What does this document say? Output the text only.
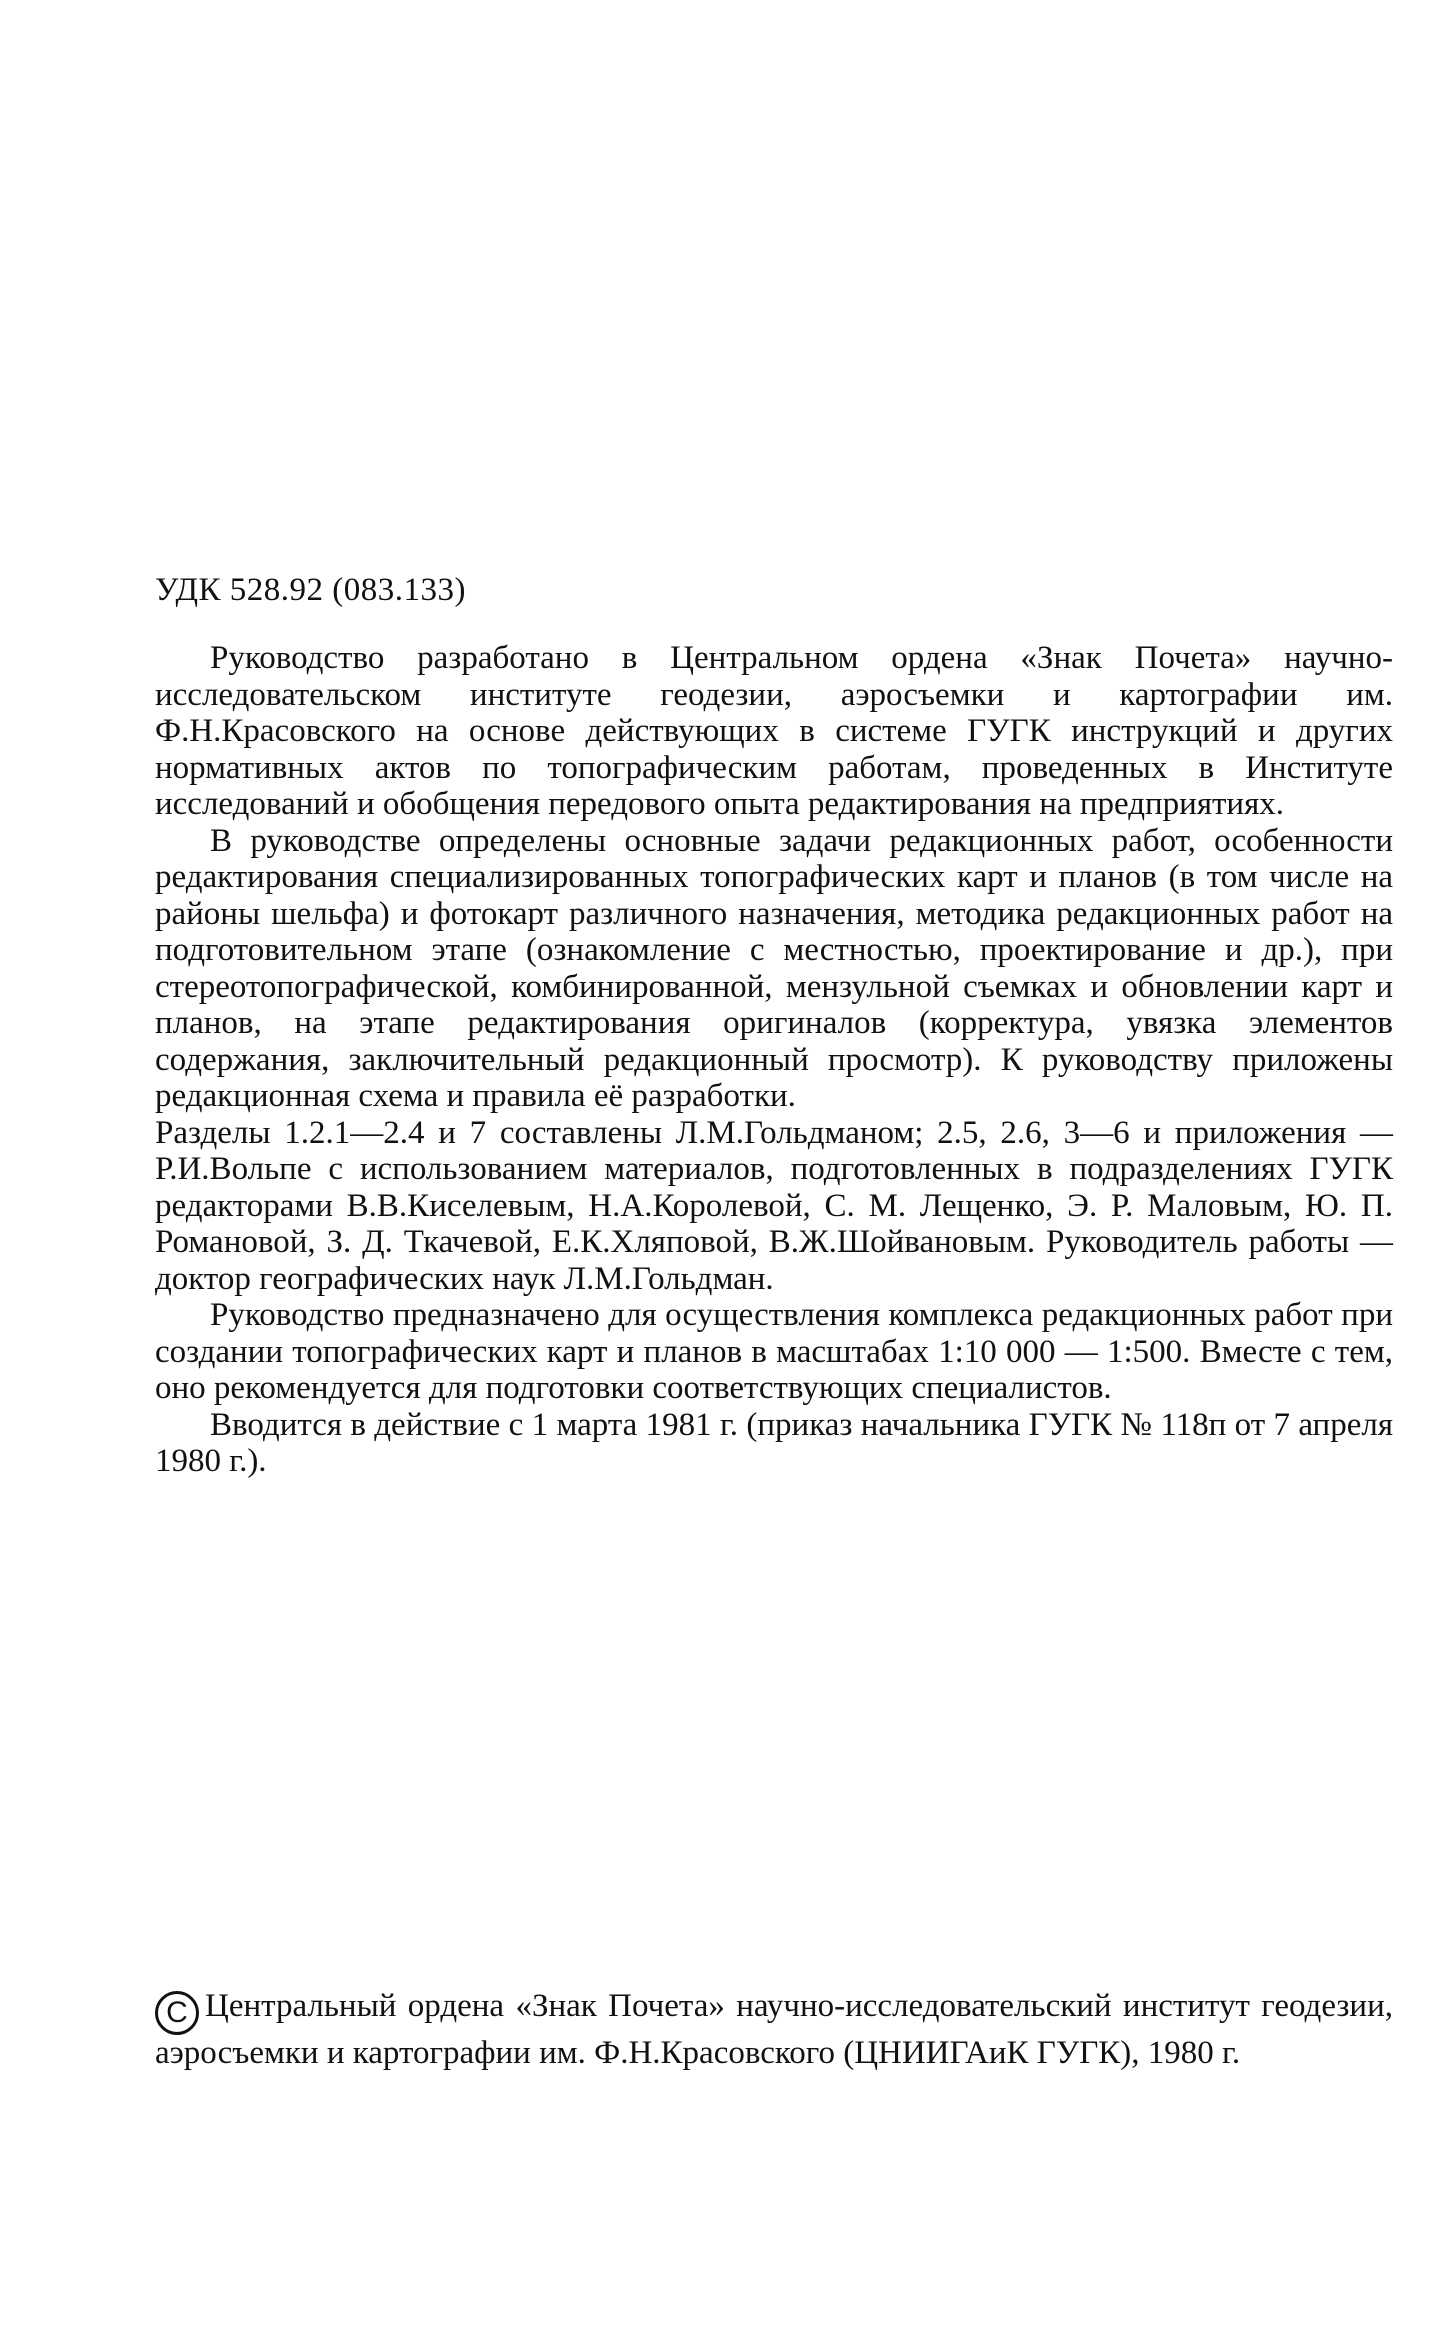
УДК 528.92 (083.133)

Руководство разработано в Центральном ордена «Знак Почета» научно-исследовательском институте геодезии, аэросъемки и картографии им. Ф.Н.Красовского на основе действующих в системе ГУГК инструкций и других нормативных актов по топографическим работам, проведенных в Институте исследований и обобщения передового опыта редактирования на предприятиях.

В руководстве определены основные задачи редакционных работ, особенности редактирования специализированных топографических карт и планов (в том числе на районы шельфа) и фотокарт различного назначения, методика редакционных работ на подготовительном этапе (ознакомление с местностью, проектирование и др.), при стереотопографической, комбинированной, мензульной съемках и обновлении карт и планов, на этапе редактирования оригиналов (корректура, увязка элементов содержания, заключительный редакционный просмотр). К руководству приложены редакционная схема и правила её разработки.

Разделы 1.2.1—2.4 и 7 составлены Л.М.Гольдманом; 2.5, 2.6, 3—6 и приложения — Р.И.Вольпе с использованием материалов, подготовленных в подразделениях ГУГК редакторами В.В.Киселевым, Н.А.Королевой, С. М. Лещенко, Э. Р. Маловым, Ю. П. Романовой, З. Д. Ткачевой, Е.К.Хляповой, В.Ж.Шойвановым. Руководитель работы — доктор географических наук Л.М.Гольдман.

Руководство предназначено для осуществления комплекса редакционных работ при создании топографических карт и планов в масштабах 1:10 000 — 1:500. Вместе с тем, оно рекомендуется для подготовки соответствующих специалистов.

Вводится в действие с 1 марта 1981 г. (приказ начальника ГУГК № 118п от 7 апреля 1980 г.).

C Центральный ордена «Знак Почета» научно-исследовательский институт геодезии, аэросъемки и картографии им. Ф.Н.Красовского (ЦНИИГАиК ГУГК), 1980 г.
